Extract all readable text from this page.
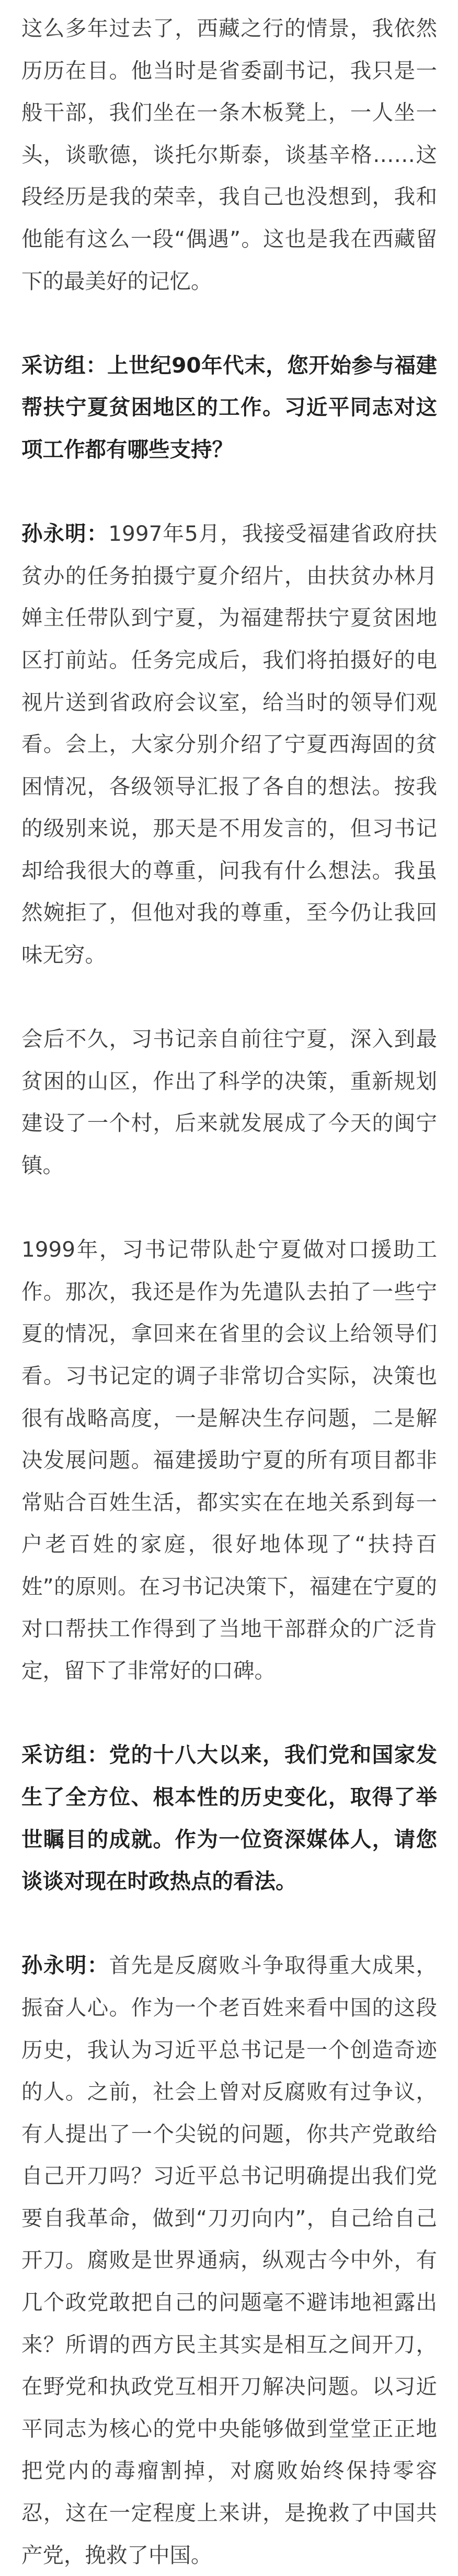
这么多年过去了，西藏之行的情景，我依然历历在目。他当时是省委副书记，我只是一般干部，我们坐在一条木板凳上，一人坐一头，谈歌德，谈托尔斯泰，谈基辛格……这段经历是我的荣幸，我自己也没想到，我和他能有这么一段“偶遇”。这也是我在西藏留下的最美好的记忆。

采访组：上世纪90年代末，您开始参与福建帮扶宁夏贫困地区的工作。习近平同志对这项工作都有哪些支持？

孙永明：1997年5月，我接受福建省政府扶贫办的任务拍摄宁夏介绍片，由扶贫办林月婵主任带队到宁夏，为福建帮扶宁夏贫困地区打前站。任务完成后，我们将拍摄好的电视片送到省政府会议室，给当时的领导们观看。会上，大家分别介绍了宁夏西海固的贫困情况，各级领导汇报了各自的想法。按我的级别来说，那天是不用发言的，但习书记却给我很大的尊重，问我有什么想法。我虽然婉拒了，但他对我的尊重，至今仍让我回味无穷。

会后不久，习书记亲自前往宁夏，深入到最贫困的山区，作出了科学的决策，重新规划建设了一个村，后来就发展成了今天的闽宁镇。

1999年，习书记带队赴宁夏做对口援助工作。那次，我还是作为先遣队去拍了一些宁夏的情况，拿回来在省里的会议上给领导们看。习书记定的调子非常切合实际，决策也很有战略高度，一是解决生存问题，二是解决发展问题。福建援助宁夏的所有项目都非常贴合百姓生活，都实实在在地关系到每一户老百姓的家庭，很好地体现了“扶持百姓”的原则。在习书记决策下，福建在宁夏的对口帮扶工作得到了当地干部群众的广泛肯定，留下了非常好的口碑。

采访组：党的十八大以来，我们党和国家发生了全方位、根本性的历史变化，取得了举世瞩目的成就。作为一位资深媒体人，请您谈谈对现在时政热点的看法。

孙永明：首先是反腐败斗争取得重大成果，振奋人心。作为一个老百姓来看中国的这段历史，我认为习近平总书记是一个创造奇迹的人。之前，社会上曾对反腐败有过争议，有人提出了一个尖锐的问题，你共产党敢给自己开刀吗？习近平总书记明确提出我们党要自我革命，做到“刀刃向内”，自己给自己开刀。腐败是世界通病，纵观古今中外，有几个政党敢把自己的问题毫不避讳地袒露出来？所谓的西方民主其实是相互之间开刀，在野党和执政党互相开刀解决问题。以习近平同志为核心的党中央能够做到堂堂正正地把党内的毒瘤割掉，对腐败始终保持零容忍，这在一定程度上来讲，是挽救了中国共产党，挽救了中国。
